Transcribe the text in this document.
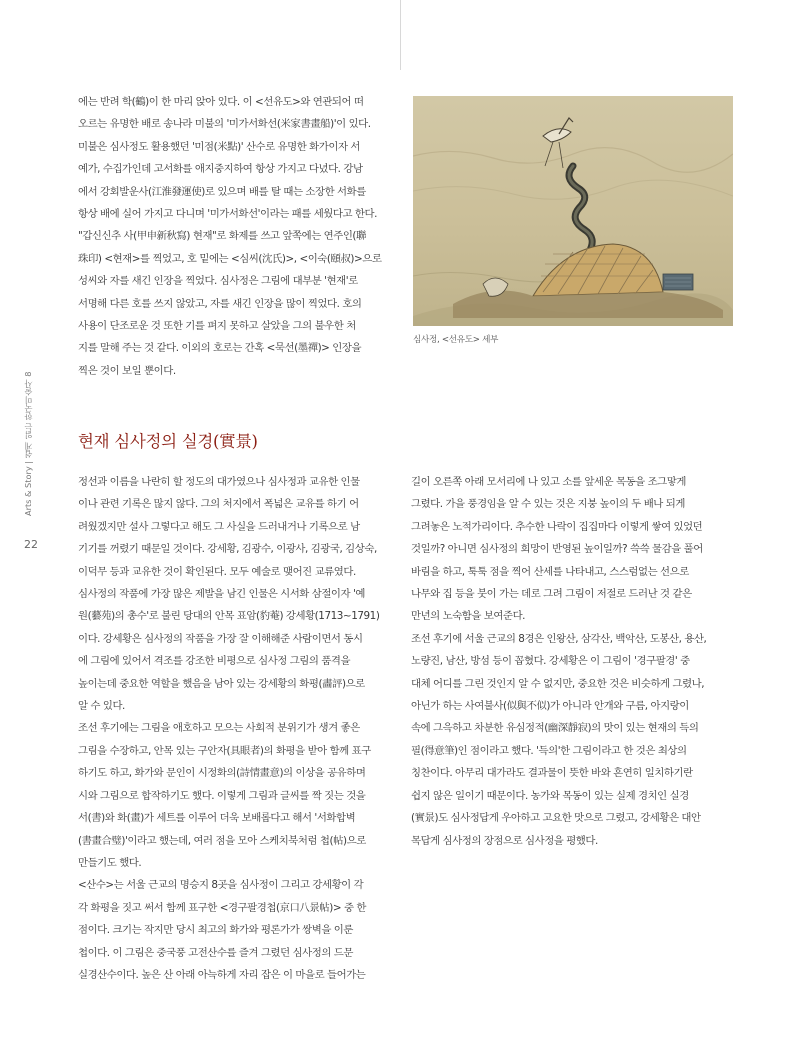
Arts & Story | 쉽게 읽는 한국미술사 8

22

에는 반려 학(鶴)이 한 마리 앉아 있다. 이 <선유도>와 연관되어 떠
오르는 유명한 배로 송나라 미불의 '미가서화선(米家書畫船)'이 있다.
미불은 심사정도 활용했던 '미점(米點)' 산수로 유명한 화가이자 서
예가, 수집가인데 고서화를 애지중지하여 항상 가지고 다녔다. 강남
에서 강회발운사(江淮發運使)로 있으며 배를 탈 때는 소장한 서화를
항상 배에 실어 가지고 다니며 '미가서화선'이라는 패를 세웠다고 한다.
"갑신신추 사(甲申新秋寫) 현재"로 화제를 쓰고 앞쪽에는 연주인(聯
珠印) <현재>를 찍었고, 호 밑에는 <심씨(沈氏)>, <이숙(頤叔)>으로
성씨와 자를 새긴 인장을 찍었다. 심사정은 그림에 대부분 '현재'로
서명해 다른 호를 쓰지 않았고, 자를 새긴 인장을 많이 찍었다. 호의
사용이 단조로운 것 또한 기를 펴지 못하고 살았을 그의 불우한 처
지를 말해 주는 것 같다. 이외의 호로는 간혹 <묵선(墨禪)> 인장을
찍은 것이 보일 뿐이다.

심사정, <선유도> 세부

현재 심사정의 실경(實景)

정선과 이름을 나란히 할 정도의 대가였으나 심사정과 교유한 인물
이나 관련 기록은 많지 않다. 그의 처지에서 폭넓은 교유를 하기 어
려웠겠지만 설사 그렇다고 해도 그 사실을 드러내거나 기록으로 남
기기를 꺼렸기 때문일 것이다. 강세황, 김광수, 이광사, 김광국, 김상숙,
이덕무 등과 교유한 것이 확인된다. 모두 예술로 맺어진 교류였다.
심사정의 작품에 가장 많은 제발을 남긴 인물은 시서화 삼절이자 '예
원(藝苑)의 총수'로 불린 당대의 안목 표암(豹菴) 강세황(1713~1791)
이다. 강세황은 심사정의 작품을 가장 잘 이해해준 사람이면서 동시
에 그림에 있어서 격조를 강조한 비평으로 심사정 그림의 품격을
높이는데 중요한 역할을 했음을 남아 있는 강세황의 화평(畵評)으로
알 수 있다.
조선 후기에는 그림을 애호하고 모으는 사회적 분위기가 생겨 좋은
그림을 수장하고, 안목 있는 구안자(具眼者)의 화평을 받아 함께 표구
하기도 하고, 화가와 문인이 시정화의(詩情畫意)의 이상을 공유하며
시와 그림으로 합작하기도 했다. 이렇게 그림과 글씨를 짝 짓는 것을
서(書)와 화(畫)가 세트를 이루어 더욱 보배롭다고 해서 '서화합벽
(書畫合璧)'이라고 했는데, 여러 점을 모아 스케치북처럼 첩(帖)으로
만들기도 했다.
<산수>는 서울 근교의 명승지 8곳을 심사정이 그리고 강세황이 각
각 화평을 짓고 써서 함께 표구한 <경구팔경첩(京口八景帖)> 중 한
점이다. 크기는 작지만 당시 최고의 화가와 평론가가 쌍벽을 이룬
첩이다. 이 그림은 중국풍 고전산수를 즐겨 그렸던 심사정의 드문
실경산수이다. 높은 산 아래 아늑하게 자리 잡은 이 마을로 들어가는

길이 오른쪽 아래 모서리에 나 있고 소를 앞세운 목동을 조그맣게
그렸다. 가을 풍경임을 알 수 있는 것은 지붕 높이의 두 배나 되게
그려놓은 노적가리이다. 추수한 나락이 집집마다 이렇게 쌓여 있었던
것일까? 아니면 심사정의 희망이 반영된 높이일까? 쓱쓱 물감을 풀어
바림을 하고, 툭툭 점을 찍어 산세를 나타내고, 스스럼없는 선으로
나무와 집 등을 붓이 가는 데로 그려 그림이 저절로 드러난 것 같은
만년의 노숙함을 보여준다.
조선 후기에 서울 근교의 8경은 인왕산, 삼각산, 백악산, 도봉산, 용산,
노량진, 남산, 방섬 등이 꼽혔다. 강세황은 이 그림이 '경구팔경' 중
대체 어디를 그린 것인지 알 수 없지만, 중요한 것은 비슷하게 그렸나,
아닌가 하는 사여불사(似與不似)가 아니라 안개와 구름, 아지랑이
속에 그윽하고 차분한 유심정적(幽深靜寂)의 맛이 있는 현재의 득의
필(得意筆)인 점이라고 했다. '득의'한 그림이라고 한 것은 최상의
칭찬이다. 아무리 대가라도 결과물이 뜻한 바와 흔연히 일치하기란
쉽지 않은 일이기 때문이다. 농가와 목동이 있는 실제 경치인 실경
(實景)도 심사정답게 우아하고 고요한 맛으로 그렸고, 강세황은 대안
목답게 심사정의 장점으로 심사정을 평했다.
